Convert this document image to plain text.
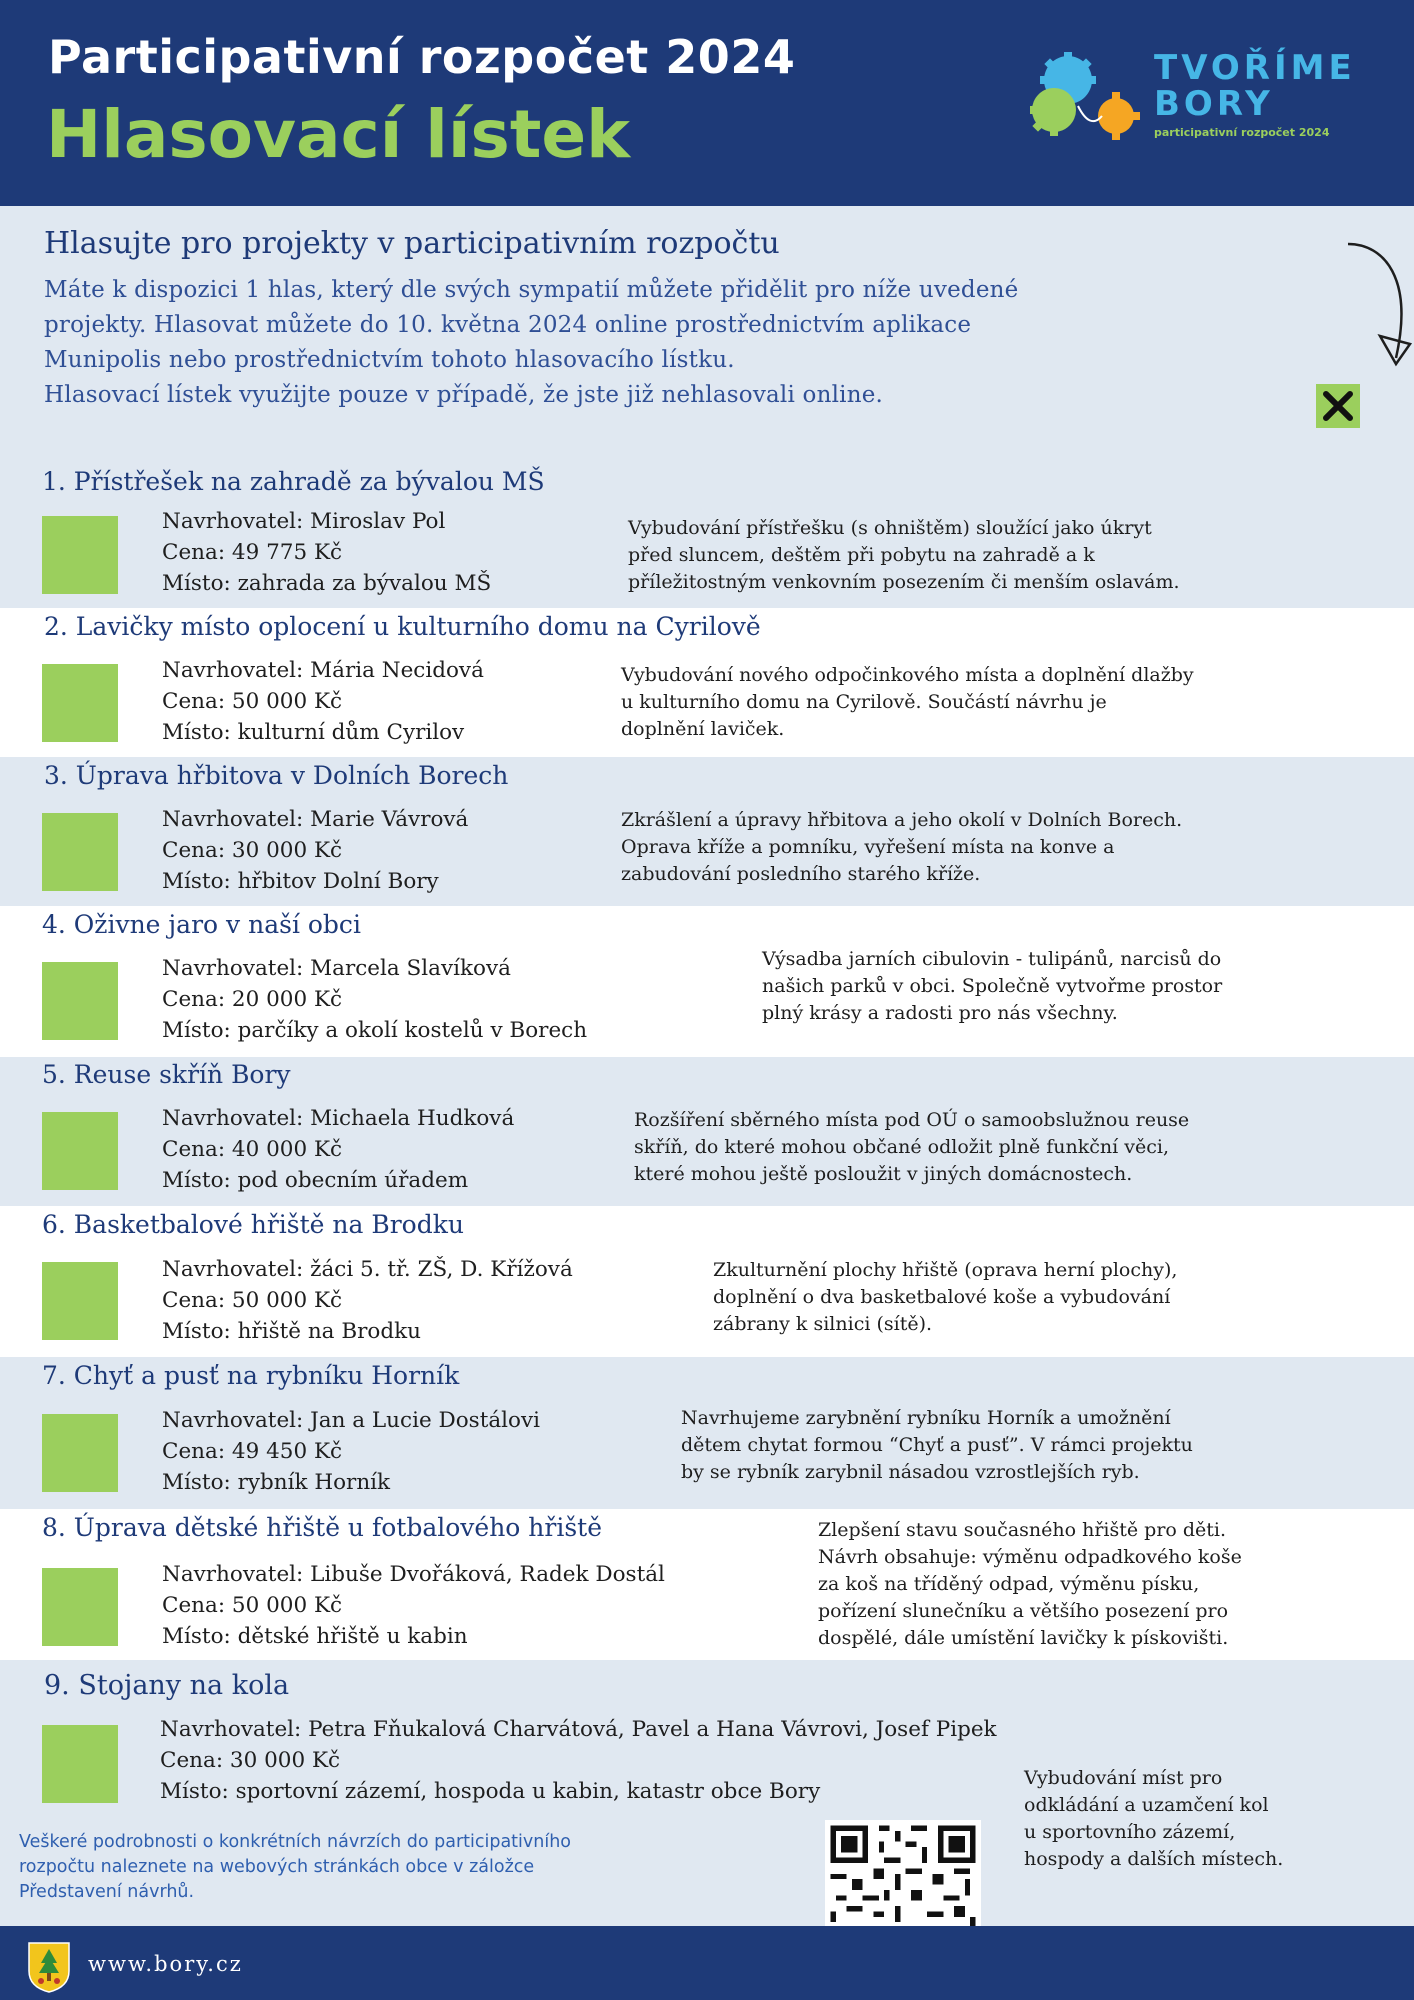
Participativní rozpočet 2024
Hlasovací lístek
TVOŘÍME
BORY
participativní rozpočet 2024
Hlasujte pro projekty v participativním rozpočtu
Máte k dispozici 1 hlas, který dle svých sympatií můžete přidělit pro níže uvedené
projekty. Hlasovat můžete do 10. května 2024 online prostřednictvím aplikace
Munipolis nebo prostřednictvím tohoto hlasovacího lístku.
Hlasovací lístek využijte pouze v případě, že jste již nehlasovali online.
1. Přístřešek na zahradě za bývalou MŠ
Navrhovatel: Miroslav Pol
Cena: 49 775 Kč
Místo: zahrada za bývalou MŠ
Vybudování přístřešku (s ohništěm) sloužící jako úkryt
před sluncem, deštěm při pobytu na zahradě a k
příležitostným venkovním posezením či menším oslavám.
2. Lavičky místo oplocení u kulturního domu na Cyrilově
Navrhovatel: Mária Necidová
Cena: 50 000 Kč
Místo: kulturní dům Cyrilov
Vybudování nového odpočinkového místa a doplnění dlažby
u kulturního domu na Cyrilově. Součástí návrhu je
doplnění laviček.
3. Úprava hřbitova v Dolních Borech
Navrhovatel: Marie Vávrová
Cena: 30 000 Kč
Místo: hřbitov Dolní Bory
Zkrášlení a úpravy hřbitova a jeho okolí v Dolních Borech.
Oprava kříže a pomníku, vyřešení místa na konve a
zabudování posledního starého kříže.
4. Oživne jaro v naší obci
Navrhovatel: Marcela Slavíková
Cena: 20 000 Kč
Místo: parčíky a okolí kostelů v Borech
Výsadba jarních cibulovin - tulipánů, narcisů do
našich parků v obci. Společně vytvořme prostor
plný krásy a radosti pro nás všechny.
5. Reuse skříň Bory
Navrhovatel: Michaela Hudková
Cena: 40 000 Kč
Místo: pod obecním úřadem
Rozšíření sběrného místa pod OÚ o samoobslužnou reuse
skříň, do které mohou občané odložit plně funkční věci,
které mohou ještě posloužit v jiných domácnostech.
6. Basketbalové hřiště na Brodku
Navrhovatel: žáci 5. tř. ZŠ, D. Křížová
Cena: 50 000 Kč
Místo: hřiště na Brodku
Zkulturnění plochy hřiště (oprava herní plochy),
doplnění o dva basketbalové koše a vybudování
zábrany k silnici (sítě).
7. Chyť a pusť na rybníku Horník
Navrhovatel: Jan a Lucie Dostálovi
Cena: 49 450 Kč
Místo: rybník Horník
Navrhujeme zarybnění rybníku Horník a umožnění
dětem chytat formou “Chyť a pusť”. V rámci projektu
by se rybník zarybnil násadou vzrostlejších ryb.
8. Úprava dětské hřiště u fotbalového hřiště
Navrhovatel: Libuše Dvořáková, Radek Dostál
Cena: 50 000 Kč
Místo: dětské hřiště u kabin
Zlepšení stavu současného hřiště pro děti.
Návrh obsahuje: výměnu odpadkového koše
za koš na tříděný odpad, výměnu písku,
pořízení slunečníku a většího posezení pro
dospělé, dále umístění lavičky k pískovišti.
9. Stojany na kola
Navrhovatel: Petra Fňukalová Charvátová, Pavel a Hana Vávrovi, Josef Pipek
Cena: 30 000 Kč
Místo: sportovní zázemí, hospoda u kabin, katastr obce Bory
Vybudování míst pro
odkládání a uzamčení kol
u sportovního zázemí,
hospody a dalších místech.
Veškeré podrobnosti o konkrétních návrzích do participativního
rozpočtu naleznete na webových stránkách obce v záložce
Představení návrhů.
www.bory.cz
